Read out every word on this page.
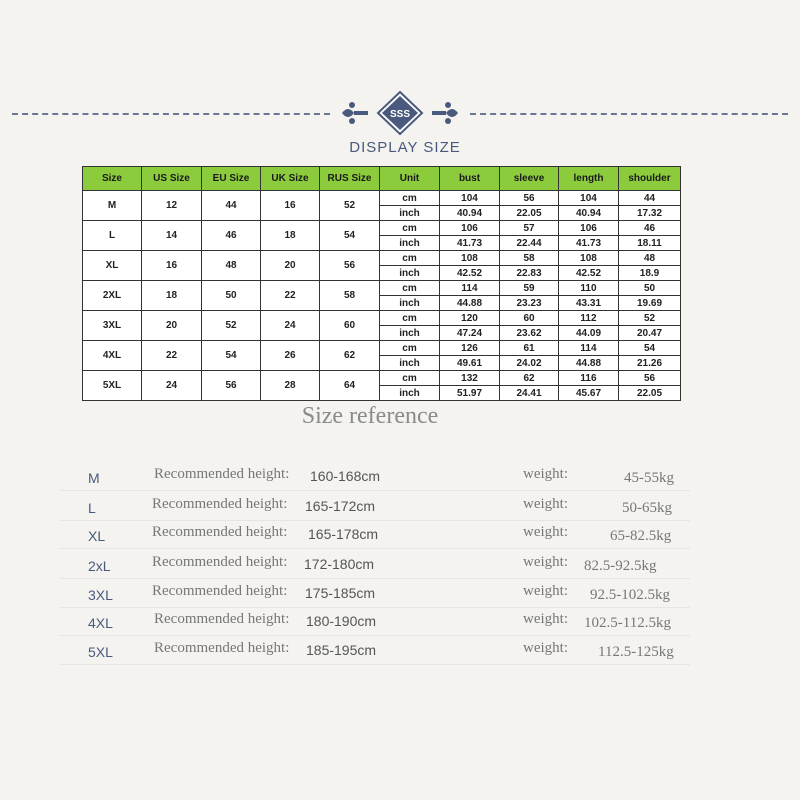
SSS
DISPLAY SIZE
Size	US Size	EU Size	UK Size	RUS Size	Unit	bust	sleeve	length	shoulder
M	12	44	16	52	cm	104	56	104	44
					inch	40.94	22.05	40.94	17.32
L	14	46	18	54	cm	106	57	106	46
					inch	41.73	22.44	41.73	18.11
XL	16	48	20	56	cm	108	58	108	48
					inch	42.52	22.83	42.52	18.9
2XL	18	50	22	58	cm	114	59	110	50
					inch	44.88	23.23	43.31	19.69
3XL	20	52	24	60	cm	120	60	112	52
					inch	47.24	23.62	44.09	20.47
4XL	22	54	26	62	cm	126	61	114	54
					inch	49.61	24.02	44.88	21.26
5XL	24	56	28	64	cm	132	62	116	56
					inch	51.97	24.41	45.67	22.05
Size reference
M	Recommended height: 160-168cm	weight:	45-55kg
L	Recommended height: 165-172cm	weight:	50-65kg
XL	Recommended height: 165-178cm	weight:	65-82.5kg
2xL	Recommended height: 172-180cm	weight: 82.5-92.5kg
3XL	Recommended height: 175-185cm	weight: 92.5-102.5kg
4XL	Recommended height: 180-190cm	weight: 102.5-112.5kg
5XL	Recommended height: 185-195cm	weight: 112.5-125kg
